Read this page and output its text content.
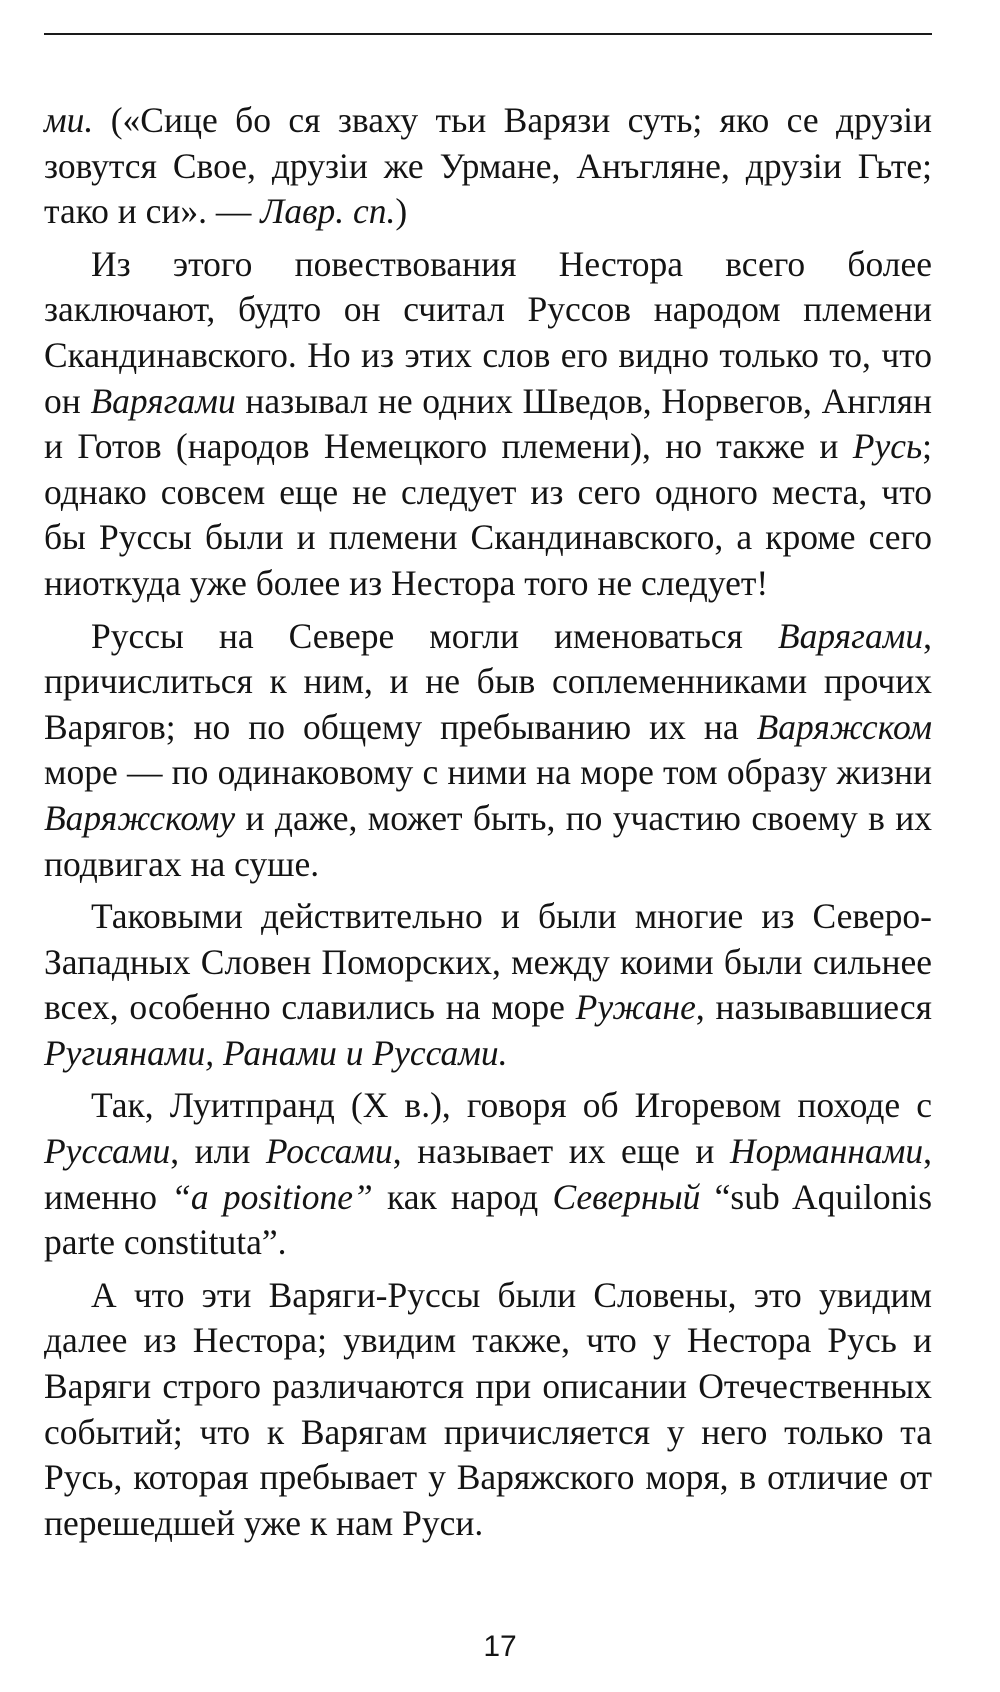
ми. («Сице бо ся зваху тьи Варязи суть; яко се друзіи зовутся Свое, друзіи же Урмане, Анъгляне, друзіи Гьте; тако и си». — Лавр. сп.)

Из этого повествования Нестора всего более заключают, будто он считал Руссов народом племени Скандинавского. Но из этих слов его видно только то, что он Варягами называл не одних Шведов, Норвегов, Англян и Готов (народов Немецкого племени), но также и Русь; однако совсем еще не следует из сего одного места, что бы Руссы были и племени Скандинавского, а кроме сего ниоткуда уже более из Нестора того не следует!

Руссы на Севере могли именоваться Варягами, причислиться к ним, и не быв соплеменниками прочих Варягов; но по общему пребыванию их на Варяжском море — по одинаковому с ними на море том образу жизни Варяжскому и даже, может быть, по участию своему в их подвигах на суше.

Таковыми действительно и были многие из Северо-Западных Словен Поморских, между коими были сильнее всех, особенно славились на море Ружане, называвшиеся Ругиянами, Ранами и Руссами.

Так, Луитпранд (X в.), говоря об Игоревом походе с Руссами, или Россами, называет их еще и Норманнами, именно “a positione” как народ Северный “sub Aquilonis parte constituta”.

А что эти Варяги-Руссы были Словены, это увидим далее из Нестора; увидим также, что у Нестора Русь и Варяги строго различаются при описании Отечественных событий; что к Варягам причисляется у него только та Русь, которая пребывает у Варяжского моря, в отличие от перешедшей уже к нам Руси.

17
